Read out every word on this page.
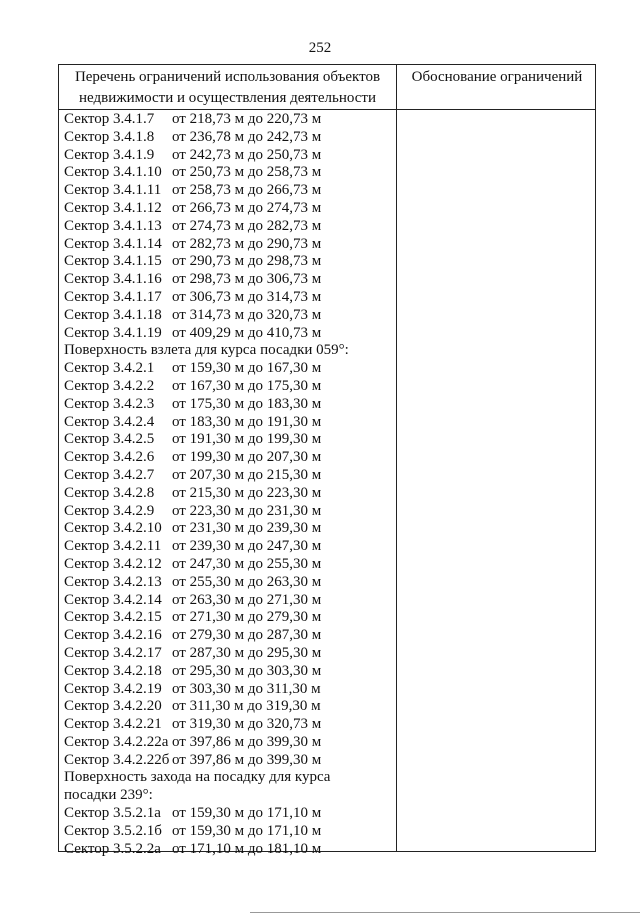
252
Перечень ограничений использования объектов
недвижимости и осуществления деятельности
Обоснование ограничений
Сектор 3.4.1.7 от 218,73 м до 220,73 м
Сектор 3.4.1.8 от 236,78 м до 242,73 м
Сектор 3.4.1.9 от 242,73 м до 250,73 м
Сектор 3.4.1.10 от 250,73 м до 258,73 м
Сектор 3.4.1.11 от 258,73 м до 266,73 м
Сектор 3.4.1.12 от 266,73 м до 274,73 м
Сектор 3.4.1.13 от 274,73 м до 282,73 м
Сектор 3.4.1.14 от 282,73 м до 290,73 м
Сектор 3.4.1.15 от 290,73 м до 298,73 м
Сектор 3.4.1.16 от 298,73 м до 306,73 м
Сектор 3.4.1.17 от 306,73 м до 314,73 м
Сектор 3.4.1.18 от 314,73 м до 320,73 м
Сектор 3.4.1.19 от 409,29 м до 410,73 м
Поверхность взлета для курса посадки 059°:
Сектор 3.4.2.1 от 159,30 м до 167,30 м
Сектор 3.4.2.2 от 167,30 м до 175,30 м
Сектор 3.4.2.3 от 175,30 м до 183,30 м
Сектор 3.4.2.4 от 183,30 м до 191,30 м
Сектор 3.4.2.5 от 191,30 м до 199,30 м
Сектор 3.4.2.6 от 199,30 м до 207,30 м
Сектор 3.4.2.7 от 207,30 м до 215,30 м
Сектор 3.4.2.8 от 215,30 м до 223,30 м
Сектор 3.4.2.9 от 223,30 м до 231,30 м
Сектор 3.4.2.10 от 231,30 м до 239,30 м
Сектор 3.4.2.11 от 239,30 м до 247,30 м
Сектор 3.4.2.12 от 247,30 м до 255,30 м
Сектор 3.4.2.13 от 255,30 м до 263,30 м
Сектор 3.4.2.14 от 263,30 м до 271,30 м
Сектор 3.4.2.15 от 271,30 м до 279,30 м
Сектор 3.4.2.16 от 279,30 м до 287,30 м
Сектор 3.4.2.17 от 287,30 м до 295,30 м
Сектор 3.4.2.18 от 295,30 м до 303,30 м
Сектор 3.4.2.19 от 303,30 м до 311,30 м
Сектор 3.4.2.20 от 311,30 м до 319,30 м
Сектор 3.4.2.21 от 319,30 м до 320,73 м
Сектор 3.4.2.22а от 397,86 м до 399,30 м
Сектор 3.4.2.22б от 397,86 м до 399,30 м
Поверхность захода на посадку для курса
посадки 239°:
Сектор 3.5.2.1а от 159,30 м до 171,10 м
Сектор 3.5.2.1б от 159,30 м до 171,10 м
Сектор 3.5.2.2а от 171,10 м до 181,10 м
